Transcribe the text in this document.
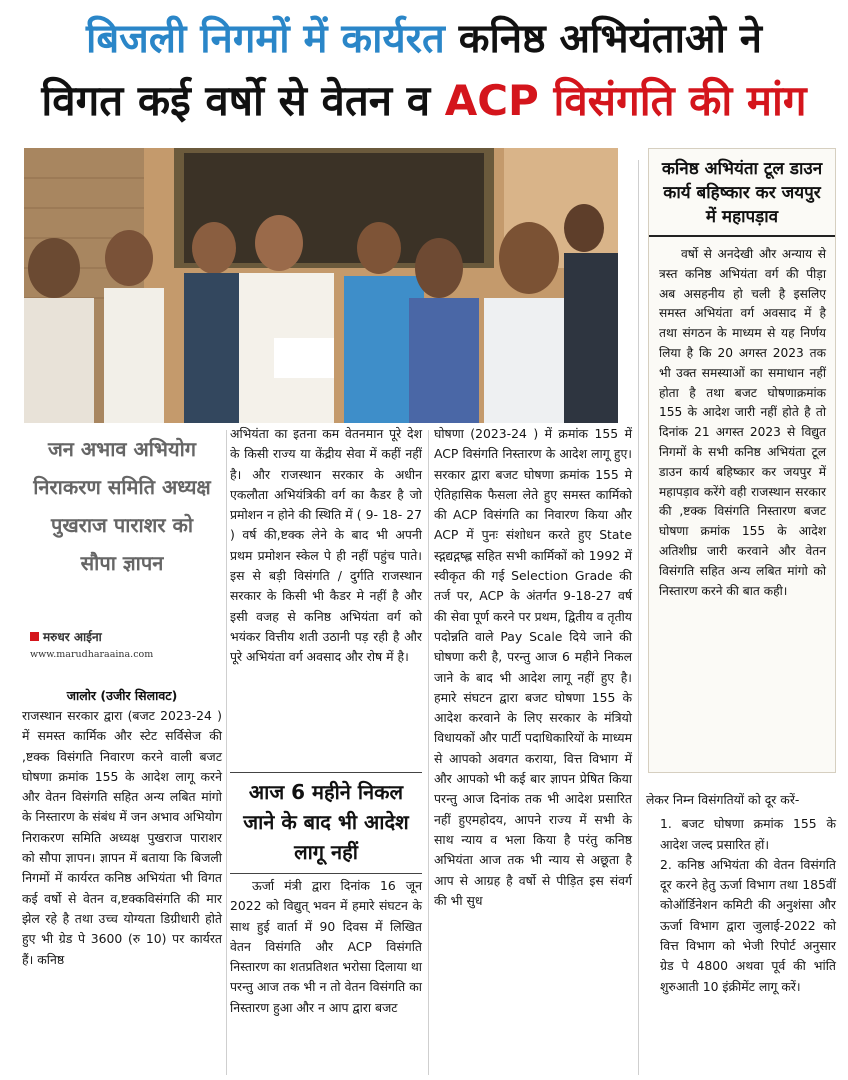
बिजली निगमों में कार्यरत कनिष्ठ अभियंताओ ने
विगत कई वर्षो से वेतन व ACP विसंगति की मांग
कनिष्ठ अभियंता टूल डाउन कार्य बहिष्कार कर जयपुर में महापड़ाव
वर्षो से अनदेखी और अन्याय से त्रस्त कनिष्ठ अभियंता वर्ग की पीड़ा अब असहनीय हो चली है इसलिए समस्त अभियंता वर्ग अवसाद में है तथा संगठन के माध्यम से यह निर्णय लिया है कि 20 अगस्त 2023 तक भी उक्त समस्याओं का समाधान नहीं होता है तथा बजट घोषणाक्रमांक 155 के आदेश जारी नहीं होते है तो दिनांक 21 अगस्त 2023 से विद्युत निगमों के सभी कनिष्ठ अभियंता टूल डाउन कार्य बहिष्कार कर जयपुर में महापड़ाव करेंगे वही राजस्थान सरकार की ,ष्टक्क विसंगति निस्तारण बजट घोषणा क्रमांक 155 के आदेश अतिशीघ्र जारी करवाने और वेतन विसंगति सहित अन्य लबित मांगो को निस्तारण करने की बात कही।
जन अभाव अभियोग निराकरण समिति अध्यक्ष पुखराज पाराशर को सौपा ज्ञापन
मरुधर आईना
www.marudharaaina.com
जालोर (उजीर सिलावट)
राजस्थान सरकार द्वारा (बजट 2023-24 ) में समस्त कार्मिक और स्टेट सर्विसेज की ,ष्टक्क विसंगति निवारण करने वाली बजट घोषणा क्रमांक 155 के आदेश लागू करने और वेतन विसंगति सहित अन्य लबित मांगो के निस्तारण के संबंध में जन अभाव अभियोग निराकरण समिति अध्यक्ष पुखराज पाराशर को सौपा ज्ञापन। ज्ञापन में बताया कि बिजली निगमों में कार्यरत कनिष्ठ अभियंता भी विगत कई वर्षो से वेतन व,ष्टक्कविसंगति की मार झेल रहे है तथा उच्च योग्यता डिग्रीधारी होते हुए भी ग्रेड पे 3600 (रु 10) पर कार्यरत हैं। कनिष्ठ
अभियंता का इतना कम वेतनमान पूरे देश के किसी राज्य या केंद्रीय सेवा में कहीं नहीं है। और राजस्थान सरकार के अधीन एकलौता अभियंत्रिकी वर्ग का कैडर है जो प्रमोशन न होने की स्थिति में ( 9- 18- 27 ) वर्ष की,ष्टक्क लेने के बाद भी अपनी प्रथम प्रमोशन स्केल पे ही नहीं पहुंच पाते। इस से बड़ी विसंगति / दुर्गति राजस्थान सरकार के किसी भी कैडर मे नहीं है और इसी वजह से कनिष्ठ अभियंता वर्ग को भयंकर वित्तीय शती उठानी पड़ रही है और पूरे अभियंता वर्ग अवसाद और रोष में है।
आज 6 महीने निकल जाने के बाद भी आदेश लागू नहीं
ऊर्जा मंत्री द्वारा दिनांक 16 जून 2022 को विद्युत् भवन में हमारे संघटन के साथ हुई वार्ता में 90 दिवस में लिखित वेतन विसंगति और ACP विसंगति निस्तारण का शतप्रतिशत भरोसा दिलाया था परन्तु आज तक भी न तो वेतन विसंगति का निस्तारण हुआ और न आप द्वारा बजट
घोषणा (2023-24 ) में क्रमांक 155 में ACP विसंगति निस्तारण के आदेश लागू हुए। सरकार द्वारा बजट घोषणा क्रमांक 155 मे ऐतिहासिक फैसला लेते हुए समस्त कार्मिको की ACP विसंगति का निवारण किया और ACP में पुनः संशोधन करते हुए State स्द्गद्यद्गष्ह्ल सहित सभी कार्मिकों को 1992 में स्वीकृत की गई Selection Grade की तर्ज पर, ACP के अंतर्गत 9-18-27 वर्ष की सेवा पूर्ण करने पर प्रथम, द्वितीय व तृतीय पदोन्नति वाले Pay Scale दिये जाने की घोषणा करी है, परन्तु आज 6 महीने निकल जाने के बाद भी आदेश लागू नहीं हुए है। हमारे संघटन द्वारा बजट घोषणा 155 के आदेश करवाने के लिए सरकार के मंत्रियो विधायकों और पार्टी पदाधिकारियों के माध्यम से आपको अवगत कराया, वित्त विभाग में और आपको भी कई बार ज्ञापन प्रेषित किया परन्तु आज दिनांक तक भी आदेश प्रसारित नहीं हुएमहोदय, आपने राज्य में सभी के साथ न्याय व भला किया है परंतु कनिष्ठ अभियंता आज तक भी न्याय से अछूता है आप से आग्रह है वर्षो से पीड़ित इस संवर्ग की भी सुध
लेकर निम्न विसंगतियों को दूर करें-
1. बजट घोषणा क्रमांक 155 के आदेश जल्द प्रसारित हों।
2. कनिष्ठ अभियंता की वेतन विसंगति दूर करने हेतु ऊर्जा विभाग तथा 185वीं कोऑर्डिनेशन कमिटी की अनुशंसा और ऊर्जा विभाग द्वारा जुलाई-2022 को वित्त विभाग को भेजी रिपोर्ट अनुसार ग्रेड पे 4800 अथवा पूर्व की भांति शुरुआती 10 इंक्रीमेंट लागू करें।
